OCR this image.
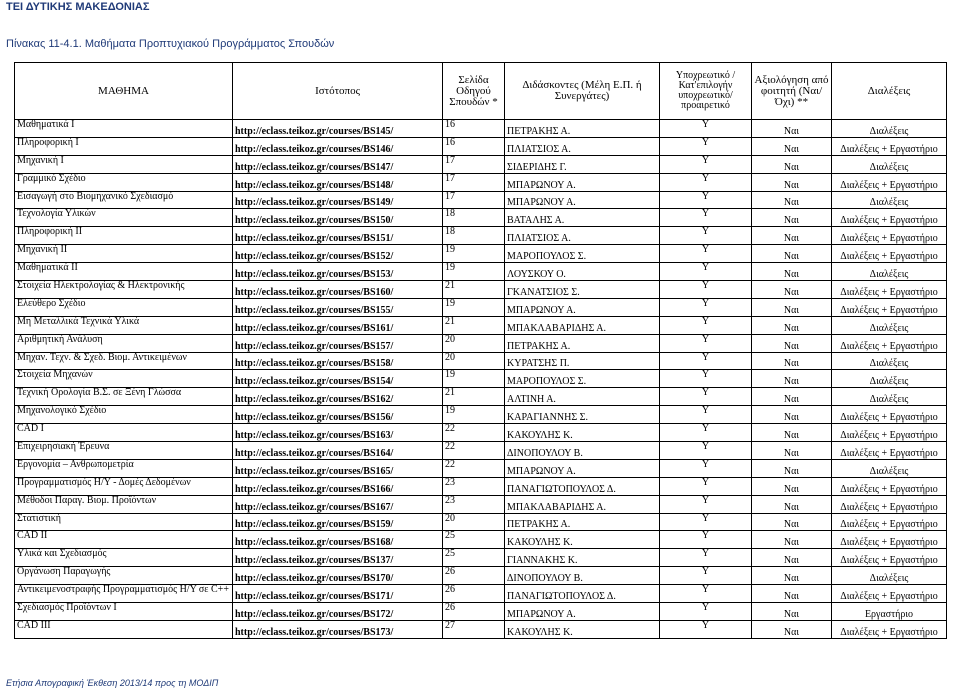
ΤΕΙ ΔΥΤΙΚΗΣ ΜΑΚΕΔΟΝΙΑΣ
Πίνακας 11-4.1. Μαθήματα Προπτυχιακού Προγράμματος Σπουδών
ΜΑΘΗΜΑ	Ιστότοπος	Σελίδα Οδηγού Σπουδών *	Διδάσκοντες (Μέλη Ε.Π. ή Συνεργάτες)	Υποχρεωτικό / Κατ'επιλογήν υποχρεωτικό/ προαιρετικό	Αξιολόγηση από φοιτητή (Ναι/Όχι) **	Διαλέξεις
Μαθηματικά Ι	http://eclass.teikoz.gr/courses/BS145/	16	ΠΕΤΡΑΚΗΣ Α.	Υ	Ναι	Διαλέξεις
Πληροφορική Ι	http://eclass.teikoz.gr/courses/BS146/	16	ΠΛΙΑΤΣΙΟΣ Α.	Υ	Ναι	Διαλέξεις + Εργαστήριο
Μηχανική Ι	http://eclass.teikoz.gr/courses/BS147/	17	ΣΙΔΕΡΙΔΗΣ Γ.	Υ	Ναι	Διαλέξεις
Γραμμικό Σχέδιο	http://eclass.teikoz.gr/courses/BS148/	17	ΜΠΑΡΩΝΟΥ Α.	Υ	Ναι	Διαλέξεις + Εργαστήριο
Εισαγωγή στο Βιομηχανικό Σχεδιασμό	http://eclass.teikoz.gr/courses/BS149/	17	ΜΠΑΡΩΝΟΥ Α.	Υ	Ναι	Διαλέξεις
Τεχνολογία Υλικών	http://eclass.teikoz.gr/courses/BS150/	18	ΒΑΤΑΛΗΣ Α.	Υ	Ναι	Διαλέξεις + Εργαστήριο
Πληροφορική ΙΙ	http://eclass.teikoz.gr/courses/BS151/	18	ΠΛΙΑΤΣΙΟΣ Α.	Υ	Ναι	Διαλέξεις + Εργαστήριο
Μηχανική ΙΙ	http://eclass.teikoz.gr/courses/BS152/	19	ΜΑΡΟΠΟΥΛΟΣ Σ.	Υ	Ναι	Διαλέξεις + Εργαστήριο
Μαθηματικά ΙΙ	http://eclass.teikoz.gr/courses/BS153/	19	ΛΟΥΣΚΟΥ Ο.	Υ	Ναι	Διαλέξεις
Στοιχεία Ηλεκτρολογίας & Ηλεκτρονικής	http://eclass.teikoz.gr/courses/BS160/	21	ΓΚΑΝΑΤΣΙΟΣ Σ.	Υ	Ναι	Διαλέξεις + Εργαστήριο
Ελεύθερο Σχέδιο	http://eclass.teikoz.gr/courses/BS155/	19	ΜΠΑΡΩΝΟΥ Α.	Υ	Ναι	Διαλέξεις + Εργαστήριο
Μη Μεταλλικά Τεχνικά Υλικά	http://eclass.teikoz.gr/courses/BS161/	21	ΜΠΑΚΛΑΒΑΡΙΔΗΣ Α.	Υ	Ναι	Διαλέξεις
Αριθμητική Ανάλυση	http://eclass.teikoz.gr/courses/BS157/	20	ΠΕΤΡΑΚΗΣ Α.	Υ	Ναι	Διαλέξεις + Εργαστήριο
Μηχαν. Τεχν. & Σχεδ. Βιομ. Αντικειμένων	http://eclass.teikoz.gr/courses/BS158/	20	ΚΥΡΑΤΣΗΣ Π.	Υ	Ναι	Διαλέξεις
Στοιχεία Μηχανών	http://eclass.teikoz.gr/courses/BS154/	19	ΜΑΡΟΠΟΥΛΟΣ Σ.	Υ	Ναι	Διαλέξεις
Τεχνική Ορολογία Β.Σ. σε Ξένη Γλώσσα	http://eclass.teikoz.gr/courses/BS162/	21	ΑΛΤΙΝΗ Α.	Υ	Ναι	Διαλέξεις
Μηχανολογικό Σχέδιο	http://eclass.teikoz.gr/courses/BS156/	19	ΚΑΡΑΓΙΑΝΝΗΣ Σ.	Υ	Ναι	Διαλέξεις + Εργαστήριο
CAD I	http://eclass.teikoz.gr/courses/BS163/	22	ΚΑΚΟΥΛΗΣ Κ.	Υ	Ναι	Διαλέξεις + Εργαστήριο
Επιχειρησιακή Έρευνα	http://eclass.teikoz.gr/courses/BS164/	22	ΔΙΝΟΠΟΥΛΟΥ Β.	Υ	Ναι	Διαλέξεις + Εργαστήριο
Εργονομία – Ανθρωπομετρία	http://eclass.teikoz.gr/courses/BS165/	22	ΜΠΑΡΩΝΟΥ Α.	Υ	Ναι	Διαλέξεις
Προγραμματισμός Η/Υ - Δομές Δεδομένων	http://eclass.teikoz.gr/courses/BS166/	23	ΠΑΝΑΓΙΩΤΟΠΟΥΛΟΣ Δ.	Υ	Ναι	Διαλέξεις + Εργαστήριο
Μέθοδοι Παραγ. Βιομ. Προϊόντων	http://eclass.teikoz.gr/courses/BS167/	23	ΜΠΑΚΛΑΒΑΡΙΔΗΣ Α.	Υ	Ναι	Διαλέξεις + Εργαστήριο
Στατιστική	http://eclass.teikoz.gr/courses/BS159/	20	ΠΕΤΡΑΚΗΣ Α.	Υ	Ναι	Διαλέξεις + Εργαστήριο
CAD II	http://eclass.teikoz.gr/courses/BS168/	25	ΚΑΚΟΥΛΗΣ Κ.	Υ	Ναι	Διαλέξεις + Εργαστήριο
Υλικά και Σχεδιασμός	http://eclass.teikoz.gr/courses/BS137/	25	ΓΙΑΝΝΑΚΗΣ Κ.	Υ	Ναι	Διαλέξεις + Εργαστήριο
Οργάνωση Παραγωγής	http://eclass.teikoz.gr/courses/BS170/	26	ΔΙΝΟΠΟΥΛΟΥ Β.	Υ	Ναι	Διαλέξεις
Αντικειμενοστραφής Προγραμματισμός Η/Υ σε C++	http://eclass.teikoz.gr/courses/BS171/	26	ΠΑΝΑΓΙΩΤΟΠΟΥΛΟΣ Δ.	Υ	Ναι	Διαλέξεις + Εργαστήριο
Σχεδιασμός Προϊόντων Ι	http://eclass.teikoz.gr/courses/BS172/	26	ΜΠΑΡΩΝΟΥ Α.	Υ	Ναι	Εργαστήριο
CAD III	http://eclass.teikoz.gr/courses/BS173/	27	ΚΑΚΟΥΛΗΣ Κ.	Υ	Ναι	Διαλέξεις + Εργαστήριο
Ετήσια Απογραφική Έκθεση 2013/14 προς τη ΜΟΔΙΠ
